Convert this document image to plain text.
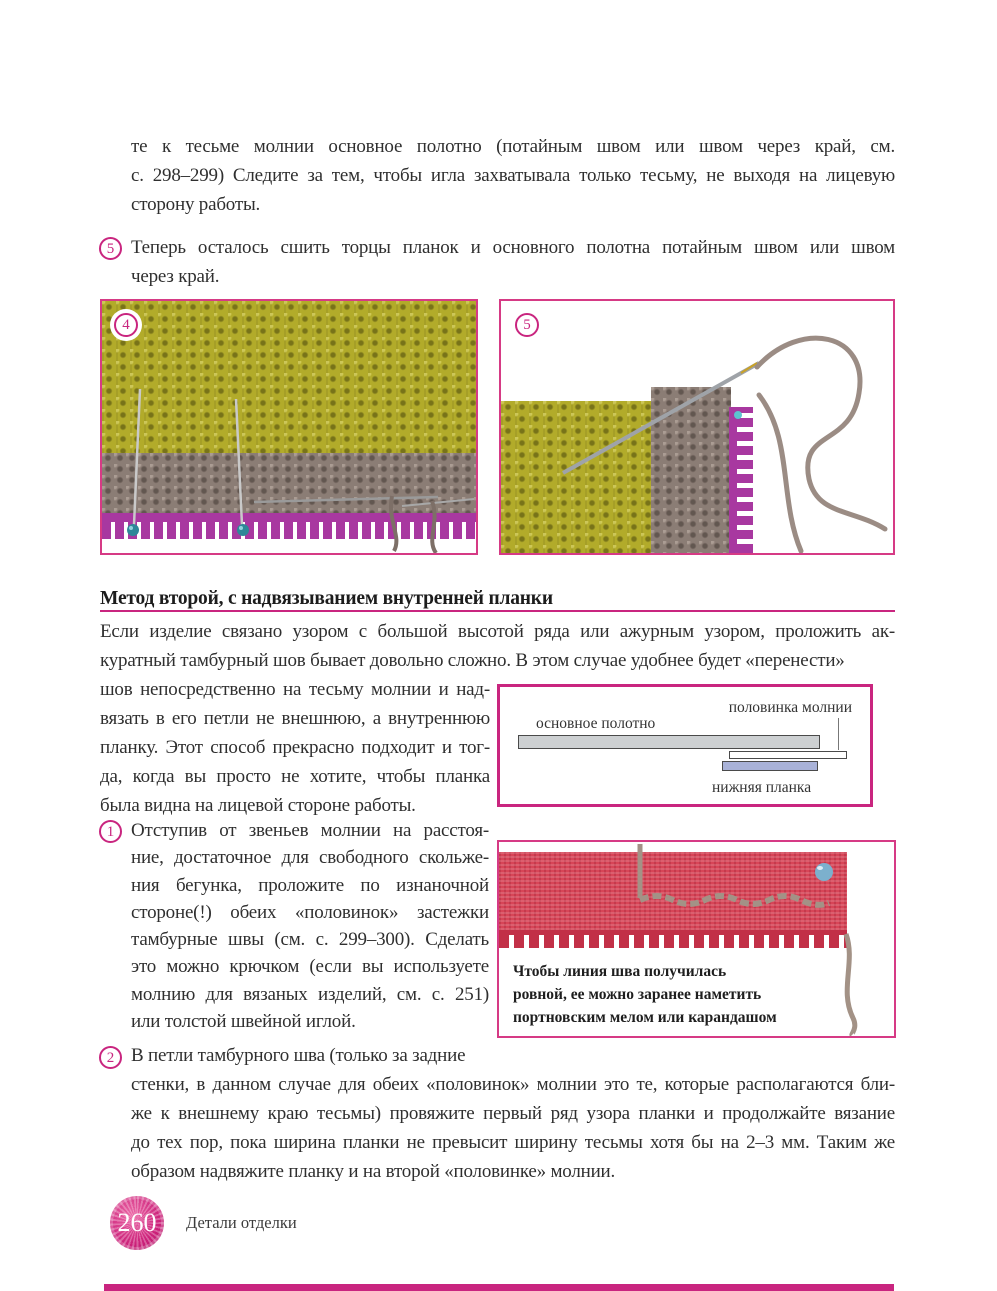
те к тесьме молнии основное полотно (потайным швом или швом через край, см.
с. 298–299) Следите за тем, чтобы игла захватывала только тесьму, не выходя на лицевую
сторону работы.
5 Теперь осталось сшить торцы планок и основного полотна потайным швом или швом
через край.
4	5
Метод второй, с надвязыванием внутренней планки
Если изделие связано узором с большой высотой ряда или ажурным узором, проложить ак-
куратный тамбурный шов бывает довольно сложно. В этом случае удобнее будет «перенести»
шов непосредственно на тесьму молнии и над-
вязать в его петли не внешнюю, а внутреннюю
планку. Этот способ прекрасно подходит и тог-
да, когда вы просто не хотите, чтобы планка
была видна на лицевой стороне работы.
половинка молнии
основное полотно
нижняя планка
1 Отступив от звеньев молнии на расстоя-
ние, достаточное для свободного скольже-
ния бегунка, проложите по изнаночной
стороне(!) обеих «половинок» застежки
тамбурные швы (см. с. 299–300). Сделать
это можно крючком (если вы используете
молнию для вязаных изделий, см. с. 251)
или толстой швейной иглой.
Чтобы линия шва получилась
ровной, ее можно заранее наметить
портновским мелом или карандашом
2 В петли тамбурного шва (только за задние
стенки, в данном случае для обеих «половинок» молнии это те, которые располагаются бли-
же к внешнему краю тесьмы) провяжите первый ряд узора планки и продолжайте вязание
до тех пор, пока ширина планки не превысит ширину тесьмы хотя бы на 2–3 мм. Таким же
образом надвяжите планку и на второй «половинке» молнии.
260	Детали отделки
